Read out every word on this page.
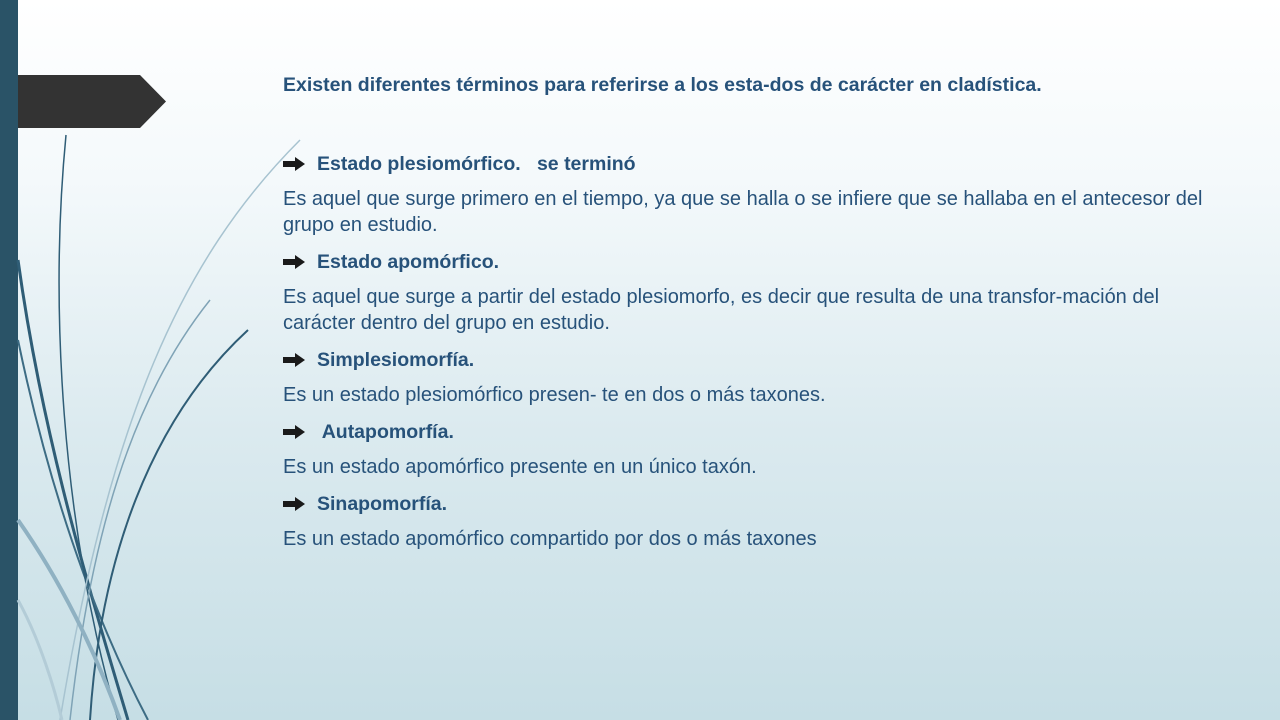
Existen diferentes términos para referirse a los esta-dos de carácter en cladística.

Estado plesiomórfico.   se terminó

Es aquel que surge primero en el tiempo, ya que se halla o se infiere que se hallaba en el antecesor del grupo en estudio.

Estado apomórfico.

Es aquel que surge a partir del estado plesiomorfo, es decir que resulta de una transfor-mación del carácter dentro del grupo en estudio.

Simplesiomorfía.

Es un estado plesiomórfico presen- te en dos o más taxones.

Autapomorfía.

Es un estado apomórfico presente en un único taxón.

Sinapomorfía.

Es un estado apomórfico compartido por dos o más taxones
